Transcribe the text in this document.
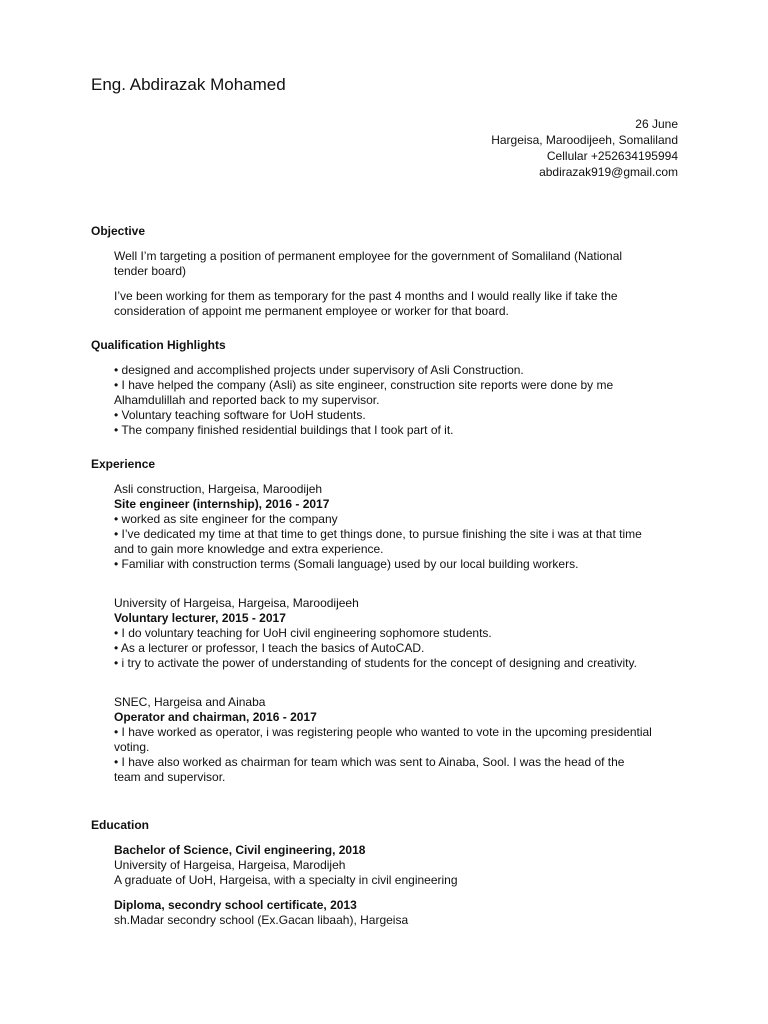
Eng. Abdirazak Mohamed
26 June
Hargeisa, Maroodijeeh, Somaliland
Cellular +252634195994
abdirazak919@gmail.com
Objective
Well I’m targeting a position of permanent employee for the government of Somaliland (National
tender board)
I’ve been working for them as temporary for the past 4 months and I would really like if take the
consideration of appoint me permanent employee or worker for that board.
Qualification Highlights
• designed and accomplished projects under supervisory of Asli Construction.
• I have helped the company (Asli) as site engineer, construction site reports were done by me
Alhamdulillah and reported back to my supervisor.
• Voluntary teaching software for UoH students.
• The company finished residential buildings that I took part of it.
Experience
Asli construction, Hargeisa, Maroodijeh
Site engineer (internship), 2016 - 2017
• worked as site engineer for the company
• I’ve dedicated my time at that time to get things done, to pursue finishing the site i was at that time
and to gain more knowledge and extra experience.
• Familiar with construction terms (Somali language) used by our local building workers.
University of Hargeisa, Hargeisa, Maroodijeeh
Voluntary lecturer, 2015 - 2017
• I do voluntary teaching for UoH civil engineering sophomore students.
• As a lecturer or professor, I teach the basics of AutoCAD.
• i try to activate the power of understanding of students for the concept of designing and creativity.
SNEC, Hargeisa and Ainaba
Operator and chairman, 2016 - 2017
• I have worked as operator, i was registering people who wanted to vote in the upcoming presidential
voting.
• I have also worked as chairman for team which was sent to Ainaba, Sool. I was the head of the
team and supervisor.
Education
Bachelor of Science, Civil engineering, 2018
University of Hargeisa, Hargeisa, Marodijeh
A graduate of UoH, Hargeisa, with a specialty in civil engineering
Diploma, secondry school certificate, 2013
sh.Madar secondry school (Ex.Gacan libaah), Hargeisa
